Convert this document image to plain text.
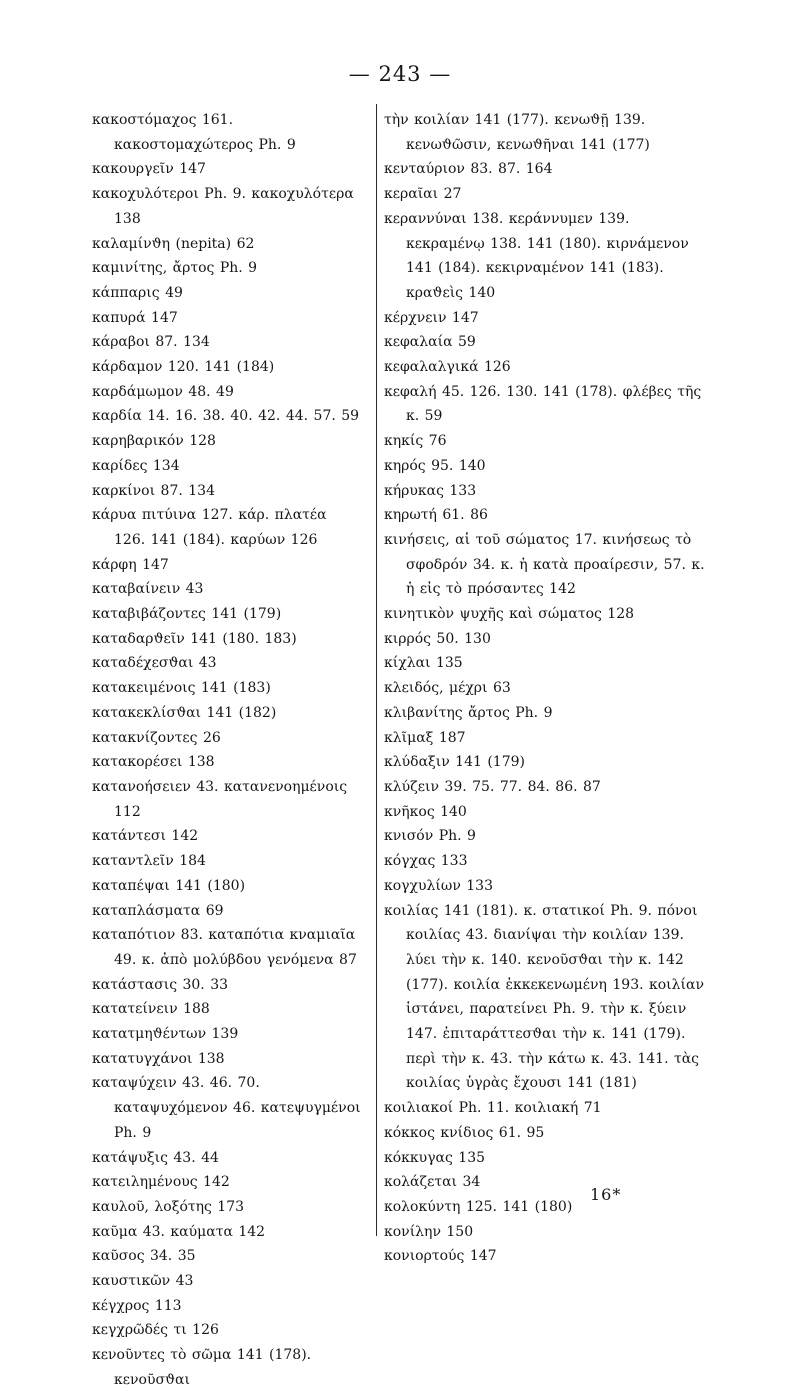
— 243 —
κακοστόμαχος 161. κακοστομαχώτερος Ph. 9
κακουργεῖν 147
κακοχυλότεροι Ph. 9. κακοχυλότερα 138
καλαμίνϑη (nepita) 62
καμινίτης, ἄρτος Ph. 9
κάππαρις 49
καπυρά 147
κάραβοι 87. 134
κάρδαμον 120. 141 (184)
καρδάμωμον 48. 49
καρδία 14. 16. 38. 40. 42. 44. 57. 59
καρηβαρικόν 128
καρίδες 134
καρκίνοι 87. 134
κάρυα πιτύινα 127. κάρ. πλατέα 126. 141 (184). καρύων 126
κάρφη 147
καταβαίνειν 43
καταβιβάζοντες 141 (179)
καταδαρϑεῖν 141 (180. 183)
καταδέχεσϑαι 43
κατακειμένοις 141 (183)
κατακεκλίσϑαι 141 (182)
κατακνίζοντες 26
κατακορέσει 138
κατανοήσειεν 43. κατανενοημένοις 112
κατάντεσι 142
καταντλεῖν 184
καταπέψαι 141 (180)
καταπλάσματα 69
καταπότιον 83. καταπότια κναμιαῖα 49. κ. ἀπὸ μολύβδου γενόμενα 87
κατάστασις 30. 33
κατατείνειν 188
κατατμηϑέντων 139
κατατυγχάνοι 138
καταψύχειν 43. 46. 70. καταψυχόμενον 46. κατεψυγμένοι Ph. 9
κατάψυξις 43. 44
κατειλημένους 142
καυλοῦ, λοξότης 173
καῦμα 43. καύματα 142
καῦσος 34. 35
καυστικῶν 43
κέγχρος 113
κεγχρῶδές τι 126
κενοῦντες τὸ σῶμα 141 (178). κενοῦσϑαι
τὴν κοιλίαν 141 (177). κενωϑῇ 139. κενωϑῶσιν, κενωϑῆναι 141 (177)
κενταύριον 83. 87. 164
κεραῖαι 27
κεραννύναι 138. κεράννυμεν 139. κεκραμένῳ 138. 141 (180). κιρνάμενον 141 (184). κεκιρναμένον 141 (183). κραϑεὶς 140
κέρχνειν 147
κεφαλαία 59
κεφαλαλγικά 126
κεφαλή 45. 126. 130. 141 (178). φλέβες τῆς κ. 59
κηκίς 76
κηρός 95. 140
κήρυκας 133
κηρωτή 61. 86
κινήσεις, αἱ τοῦ σώματος 17. κινήσεως τὸ σφοδρόν 34. κ. ἡ κατὰ προαίρεσιν, 57. κ. ἡ εἰς τὸ πρόσαντες 142
κινητικὸν ψυχῆς καὶ σώματος 128
κιρρός 50. 130
κίχλαι 135
κλειδός, μέχρι 63
κλιβανίτης ἄρτος Ph. 9
κλῖμαξ 187
κλύδαξιν 141 (179)
κλύζειν 39. 75. 77. 84. 86. 87
κνῆκος 140
κνισόν Ph. 9
κόγχας 133
κογχυλίων 133
κοιλίας 141 (181). κ. στατικοί Ph. 9. πόνοι κοιλίας 43. διανίψαι τὴν κοιλίαν 139. λύει τὴν κ. 140. κενοῦσϑαι τὴν κ. 142 (177). κοιλία ἐκκεκενωμένη 193. κοιλίαν ἱστάνει, παρατείνει Ph. 9. τὴν κ. ξύειν 147. ἐπιταράττεσϑαι τὴν κ. 141 (179). περὶ τὴν κ. 43. τὴν κάτω κ. 43. 141. τὰς κοιλίας ὑγρὰς ἔχουσι 141 (181)
κοιλιακοί Ph. 11. κοιλιακή 71
κόκκος κνίδιος 61. 95
κόκκυγας 135
κολάζεται 34
κολοκύντη 125. 141 (180)
κονίλην 150
κονιορτούς 147
16*
